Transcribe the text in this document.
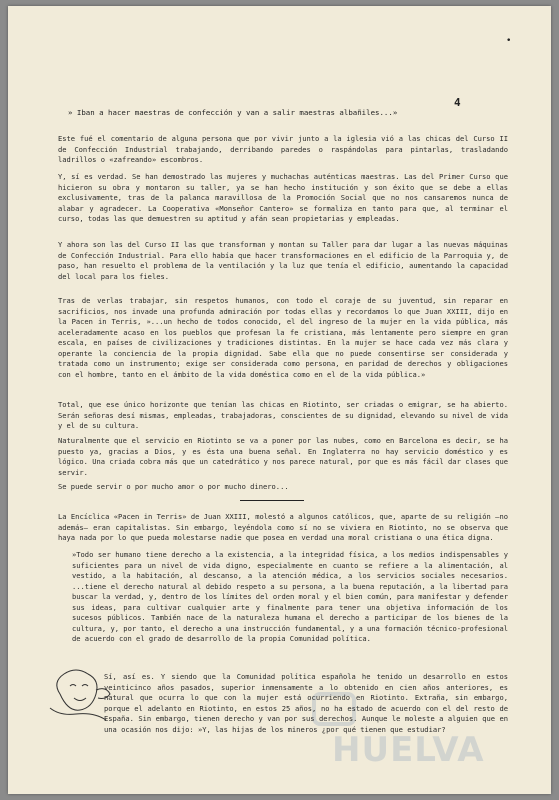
•
4
» Iban a hacer maestras de confección y van a salir maestras albañiles...»

Este fué el comentario de alguna persona que por vivir junto a la iglesia vió a las chicas del Curso II de Confección Industrial trabajando, derribando paredes o raspándolas para pintarlas, trasladando ladrillos o «zafreando» escombros.

Y, sí es verdad. Se han demostrado las mujeres y muchachas auténticas maestras. Las del Primer Curso que hicieron su obra y montaron su taller, ya se han hecho institución y son éxito que se debe a ellas exclusivamente, tras de la palanca maravillosa de la Promoción Social que no nos cansaremos nunca de alabar y agradecer. La Cooperativa «Monseñor Cantero» se formaliza en tanto para que, al terminar el curso, todas las que demuestren su aptitud y afán sean propietarias y empleadas.

Y ahora son las del Curso II las que transforman y montan su Taller para dar lugar a las nuevas máquinas de Confección Industrial. Para ello había que hacer transformaciones en el edificio de la Parroquia y, de paso, han resuelto el problema de la ventilación y la luz que tenía el edificio, aumentando la capacidad del local para los fieles.

Tras de verlas trabajar, sin respetos humanos, con todo el coraje de su juventud, sin reparar en sacrificios, nos invade una profunda admiración por todas ellas y recordamos lo que Juan XXIII, dijo en la Pacen in Terris, »...un hecho de todos conocido, el del ingreso de la mujer en la vida pública, más aceleradamente acaso en los pueblos que profesan la fe cristiana, más lentamente pero siempre en gran escala, en países de civilizaciones y tradiciones distintas. En la mujer se hace cada vez más clara y operante la conciencia de la propia dignidad. Sabe ella que no puede consentirse ser considerada y tratada como un instrumento; exige ser considerada como persona, en paridad de derechos y obligaciones con el hombre, tanto en el ámbito de la vida doméstica como en el de la vida pública.»

Total, que ese único horizonte que tenían las chicas en Riotinto, ser criadas o emigrar, se ha abierto. Serán señoras desí mismas, empleadas, trabajadoras, conscientes de su dignidad, elevando su nivel de vida y el de su cultura.

Naturalmente que el servicio en Riotinto se va a poner por las nubes, como en Barcelona es decir, se ha puesto ya, gracias a Dios, y es ésta una buena señal. En Inglaterra no hay servicio doméstico y es lógico. Una criada cobra más que un catedrático y nos parece natural, por que es más fácil dar clases que servir.

Se puede servir o por mucho amor o por mucho dinero...

La Encíclica «Pacen in Terris» de Juan XXIII, molestó a algunos católicos, que, aparte de su religión –no además– eran capitalistas. Sin embargo, leyéndola como sí no se viviera en Riotinto, no se observa que haya nada por lo que pueda molestarse nadie que posea en verdad una moral cristiana o una ética digna.

»Todo ser humano tiene derecho a la existencia, a la integridad física, a los medios indispensables y suficientes para un nivel de vida digno, especialmente en cuanto se refiere a la alimentación, al vestido, a la habitación, al descanso, a la atención médica, a los servicios sociales necesarios. ...tiene el derecho natural al debido respeto a su persona, a la buena reputación, a la libertad para buscar la verdad, y, dentro de los límites del orden moral y el bien común, para manifestar y defender sus ideas, para cultivar cualquier arte y finalmente para tener una objetiva información de los sucesos públicos. También nace de la naturaleza humana el derecho a participar de los bienes de la cultura, y, por tanto, el derecho a una instrucción fundamental, y a una formación técnico-profesional de acuerdo con el grado de desarrollo de la propia Comunidad política.

HUELVA

Sí, así es. Y siendo que la Comunidad política española he tenido un desarrollo en estos veinticinco años pasados, superior inmensamente a lo obtenido en cien años anteriores, es natural que ocurra lo que con la mujer está ocurriendo en Riotinto. Extraña, sin embargo, porque el adelanto en Riotinto, en estos 25 años, no ha estado de acuerdo con el del resto de España. Sin embargo, tienen derecho y van por sus derechos. Aunque le moleste a alguien que en una ocasión nos dijo: »Y, las hijas de los mineros ¿por qué tienen que estudiar?
